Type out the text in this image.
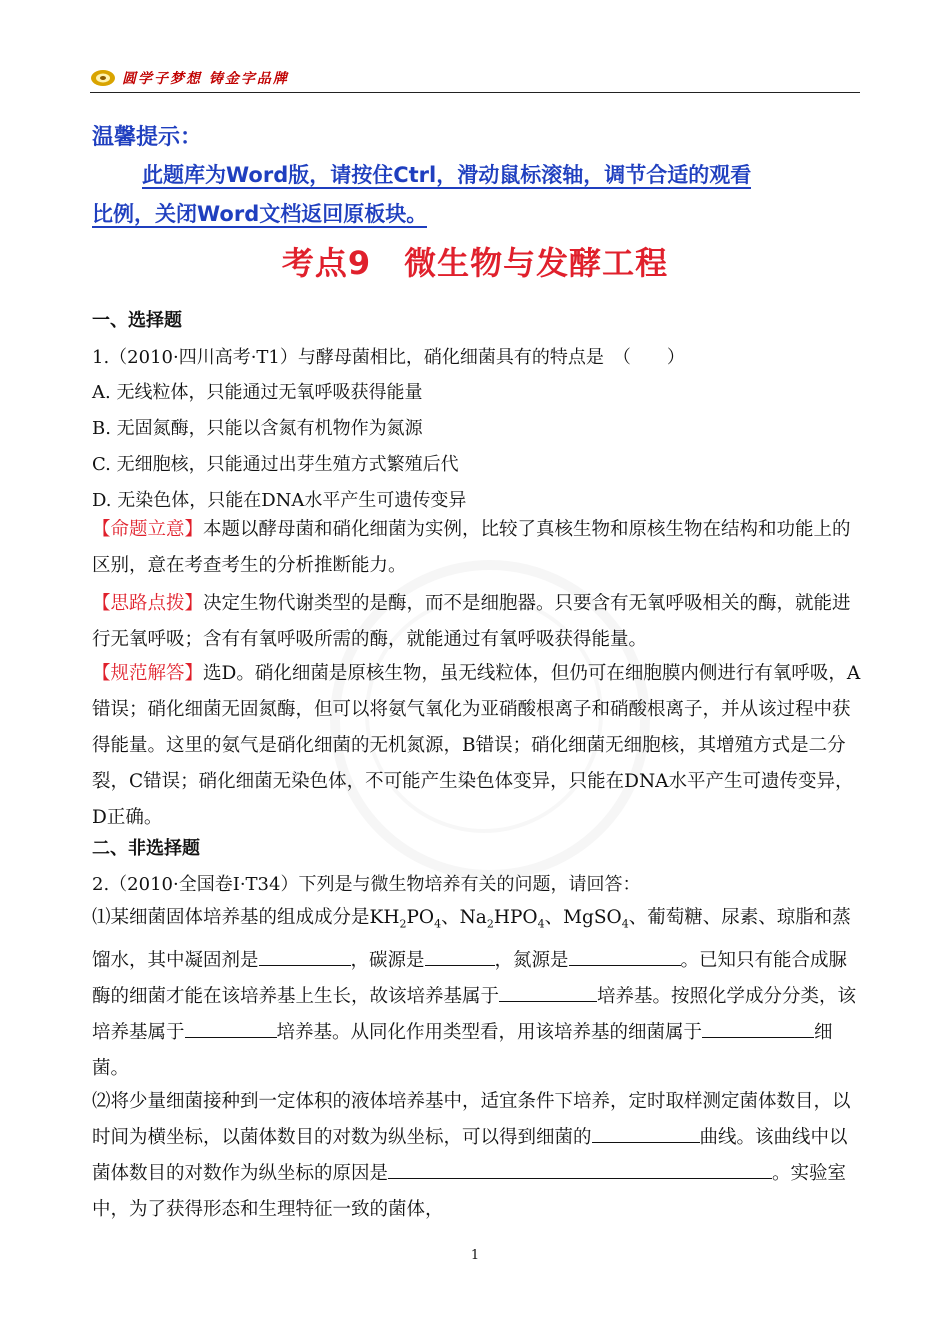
圆学子梦想 铸金字品牌
温馨提示：
此题库为Word版，请按住Ctrl，滑动鼠标滚轴，调节合适的观看
比例，关闭Word文档返回原板块。
考点9　微生物与发酵工程
一、选择题
1.（2010·四川高考·T1）与酵母菌相比，硝化细菌具有的特点是　（　　）
A. 无线粒体，只能通过无氧呼吸获得能量
B. 无固氮酶，只能以含氮有机物作为氮源
C. 无细胞核，只能通过出芽生殖方式繁殖后代
D. 无染色体，只能在DNA水平产生可遗传变异
【命题立意】本题以酵母菌和硝化细菌为实例，比较了真核生物和原核生物在结构和功能上的区别，意在考查考生的分析推断能力。
【思路点拨】决定生物代谢类型的是酶，而不是细胞器。只要含有无氧呼吸相关的酶，就能进行无氧呼吸；含有有氧呼吸所需的酶，就能通过有氧呼吸获得能量。
【规范解答】选D。硝化细菌是原核生物，虽无线粒体，但仍可在细胞膜内侧进行有氧呼吸，A错误；硝化细菌无固氮酶，但可以将氨气氧化为亚硝酸根离子和硝酸根离子，并从该过程中获得能量。这里的氨气是硝化细菌的无机氮源，B错误；硝化细菌无细胞核，其增殖方式是二分裂，C错误；硝化细菌无染色体，不可能产生染色体变异，只能在DNA水平产生可遗传变异，D正确。
二、非选择题
2.（2010·全国卷Ⅰ·T34）下列是与微生物培养有关的问题，请回答：
⑴某细菌固体培养基的组成成分是$KH_2PO_4$、$Na_2HPO_4$、MgSO$_4$、葡萄糖、尿素、琼脂和蒸馏水，其中凝固剂是	，碳源是	，氮源是	。已知只有能合成脲酶的细菌才能在该培养基上生长，故该培养基属于	培养基。按照化学成分分类，该培养基属于	培养基。从同化作用类型看，用该培养基的细菌属于	细菌。
⑵将少量细菌接种到一定体积的液体培养基中，适宜条件下培养，定时取样测定菌体数目，以时间为横坐标，以菌体数目的对数为纵坐标，可以得到细菌的	曲线。该曲线中以菌体数目的对数作为纵坐标的原因是	。实验室中，为了获得形态和生理特征一致的菌体，
1
